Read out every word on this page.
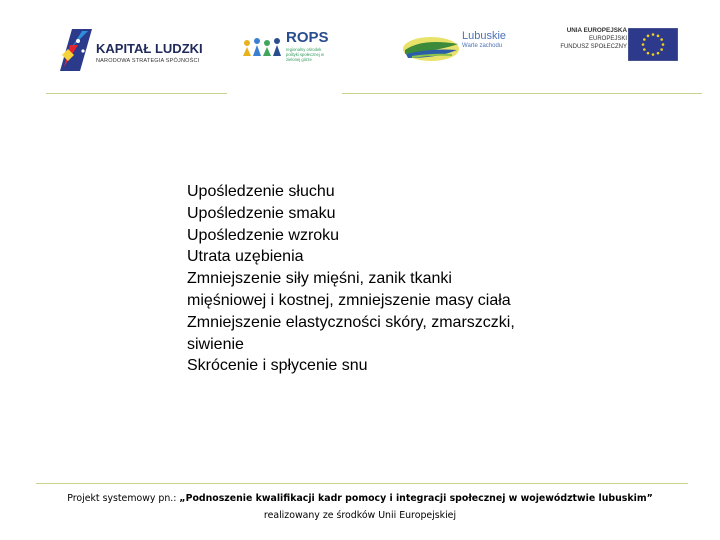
KAPITAŁ LUDZKI
NARODOWA STRATEGIA SPÓJNOŚCI
ROPS
regionalny ośrodek polityki społecznej w zielonej górze
Lubuskie
Warte zachodu
UNIA EUROPEJSKA
EUROPEJSKI
FUNDUSZ SPOŁECZNY
Upośledzenie słuchu
Upośledzenie smaku
Upośledzenie wzroku
Utrata uzębienia
Zmniejszenie siły mięśni, zanik tkanki mięśniowej i kostnej, zmniejszenie masy ciała
Zmniejszenie elastyczności skóry, zmarszczki, siwienie
Skrócenie i spłycenie snu
Projekt systemowy pn.: „Podnoszenie kwalifikacji kadr pomocy i integracji społecznej w województwie lubuskim”
realizowany ze środków Unii Europejskiej
